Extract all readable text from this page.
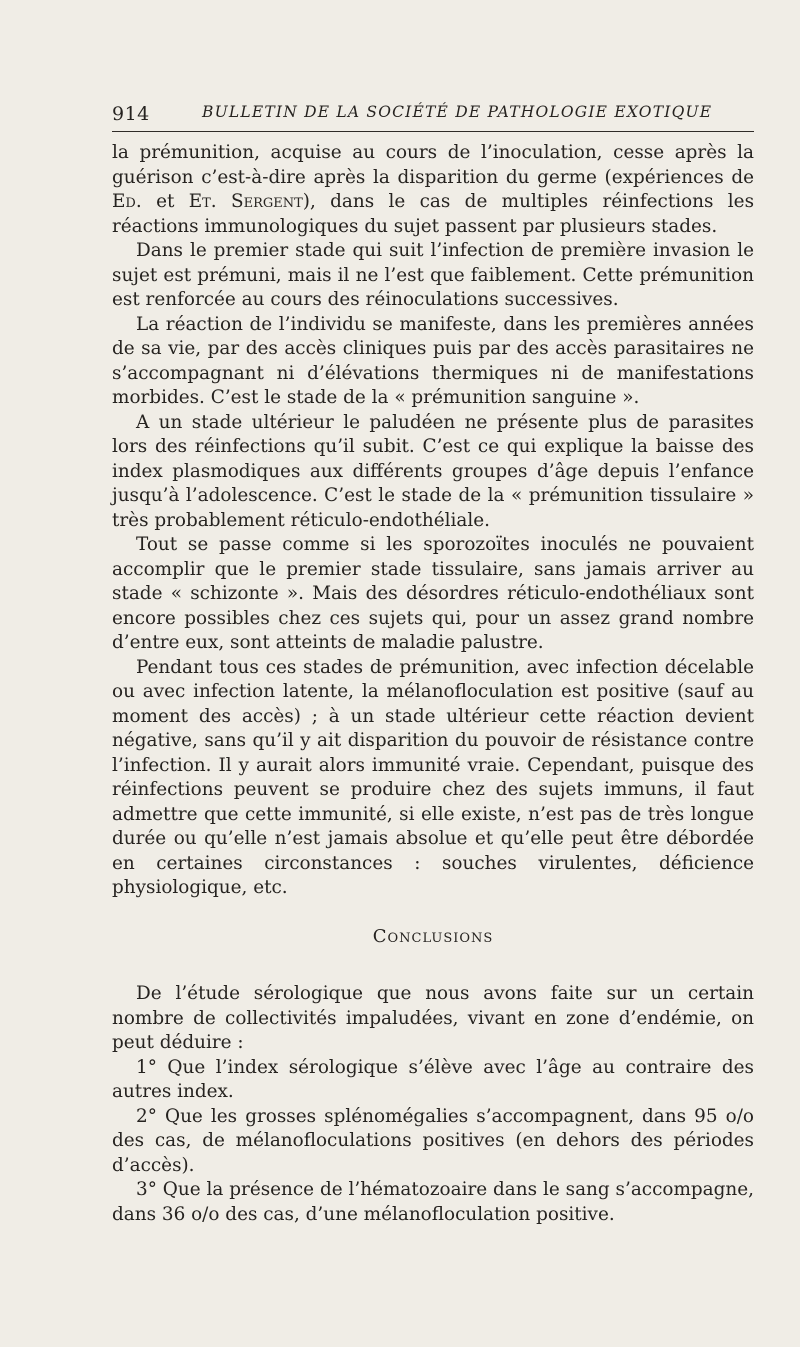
914	BULLETIN DE LA SOCIÉTÉ DE PATHOLOGIE EXOTIQUE

la prémunition, acquise au cours de l’inoculation, cesse après la guérison c’est-à-dire après la disparition du germe (expériences de Ed. et Et. Sergent), dans le cas de multiples réinfections les réactions immunologiques du sujet passent par plusieurs stades.

Dans le premier stade qui suit l’infection de première invasion le sujet est prémuni, mais il ne l’est que faiblement. Cette prémunition est renforcée au cours des réinoculations successives.

La réaction de l’individu se manifeste, dans les premières années de sa vie, par des accès cliniques puis par des accès parasitaires ne s’accompagnant ni d’élévations thermiques ni de manifestations morbides. C’est le stade de la « prémunition sanguine ».

A un stade ultérieur le paludéen ne présente plus de parasites lors des réinfections qu’il subit. C’est ce qui explique la baisse des index plasmodiques aux différents groupes d’âge depuis l’enfance jusqu’à l’adolescence. C’est le stade de la « prémunition tissulaire » très probablement réticulo-endothéliale.

Tout se passe comme si les sporozoïtes inoculés ne pouvaient accomplir que le premier stade tissulaire, sans jamais arriver au stade « schizonte ». Mais des désordres réticulo-endothéliaux sont encore possibles chez ces sujets qui, pour un assez grand nombre d’entre eux, sont atteints de maladie palustre.

Pendant tous ces stades de prémunition, avec infection décelable ou avec infection latente, la mélanofloculation est positive (sauf au moment des accès) ; à un stade ultérieur cette réaction devient négative, sans qu’il y ait disparition du pouvoir de résistance contre l’infection. Il y aurait alors immunité vraie. Cependant, puisque des réinfections peuvent se produire chez des sujets immuns, il faut admettre que cette immunité, si elle existe, n’est pas de très longue durée ou qu’elle n’est jamais absolue et qu’elle peut être débordée en certaines circonstances : souches virulentes, déficience physiologique, etc.

Conclusions

De l’étude sérologique que nous avons faite sur un certain nombre de collectivités impaludées, vivant en zone d’endémie, on peut déduire :

1° Que l’index sérologique s’élève avec l’âge au contraire des autres index.

2° Que les grosses splénomégalies s’accompagnent, dans 95 o/o des cas, de mélanofloculations positives (en dehors des périodes d’accès).

3° Que la présence de l’hématozoaire dans le sang s’accompagne, dans 36 o/o des cas, d’une mélanofloculation positive.
